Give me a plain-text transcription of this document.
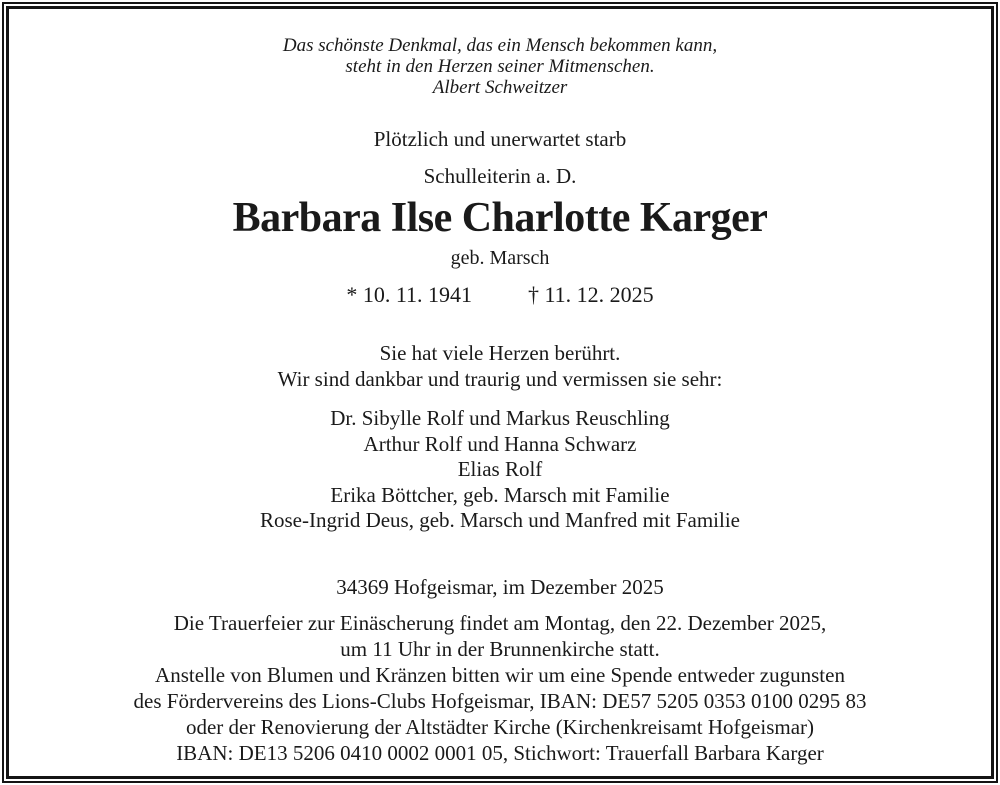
Das schönste Denkmal, das ein Mensch bekommen kann,
steht in den Herzen seiner Mitmenschen.
Albert Schweitzer
Plötzlich und unerwartet starb
Schulleiterin a. D.
Barbara Ilse Charlotte Karger
geb. Marsch
* 10. 11. 1941	† 11. 12. 2025
Sie hat viele Herzen berührt.
Wir sind dankbar und traurig und vermissen sie sehr:
Dr. Sibylle Rolf und Markus Reuschling
Arthur Rolf und Hanna Schwarz
Elias Rolf
Erika Böttcher, geb. Marsch mit Familie
Rose-Ingrid Deus, geb. Marsch und Manfred mit Familie
34369 Hofgeismar, im Dezember 2025
Die Trauerfeier zur Einäscherung findet am Montag, den 22. Dezember 2025,
um 11 Uhr in der Brunnenkirche statt.
Anstelle von Blumen und Kränzen bitten wir um eine Spende entweder zugunsten
des Fördervereins des Lions-Clubs Hofgeismar, IBAN: DE57 5205 0353 0100 0295 83
oder der Renovierung der Altstädter Kirche (Kirchenkreisamt Hofgeismar)
IBAN: DE13 5206 0410 0002 0001 05, Stichwort: Trauerfall Barbara Karger
